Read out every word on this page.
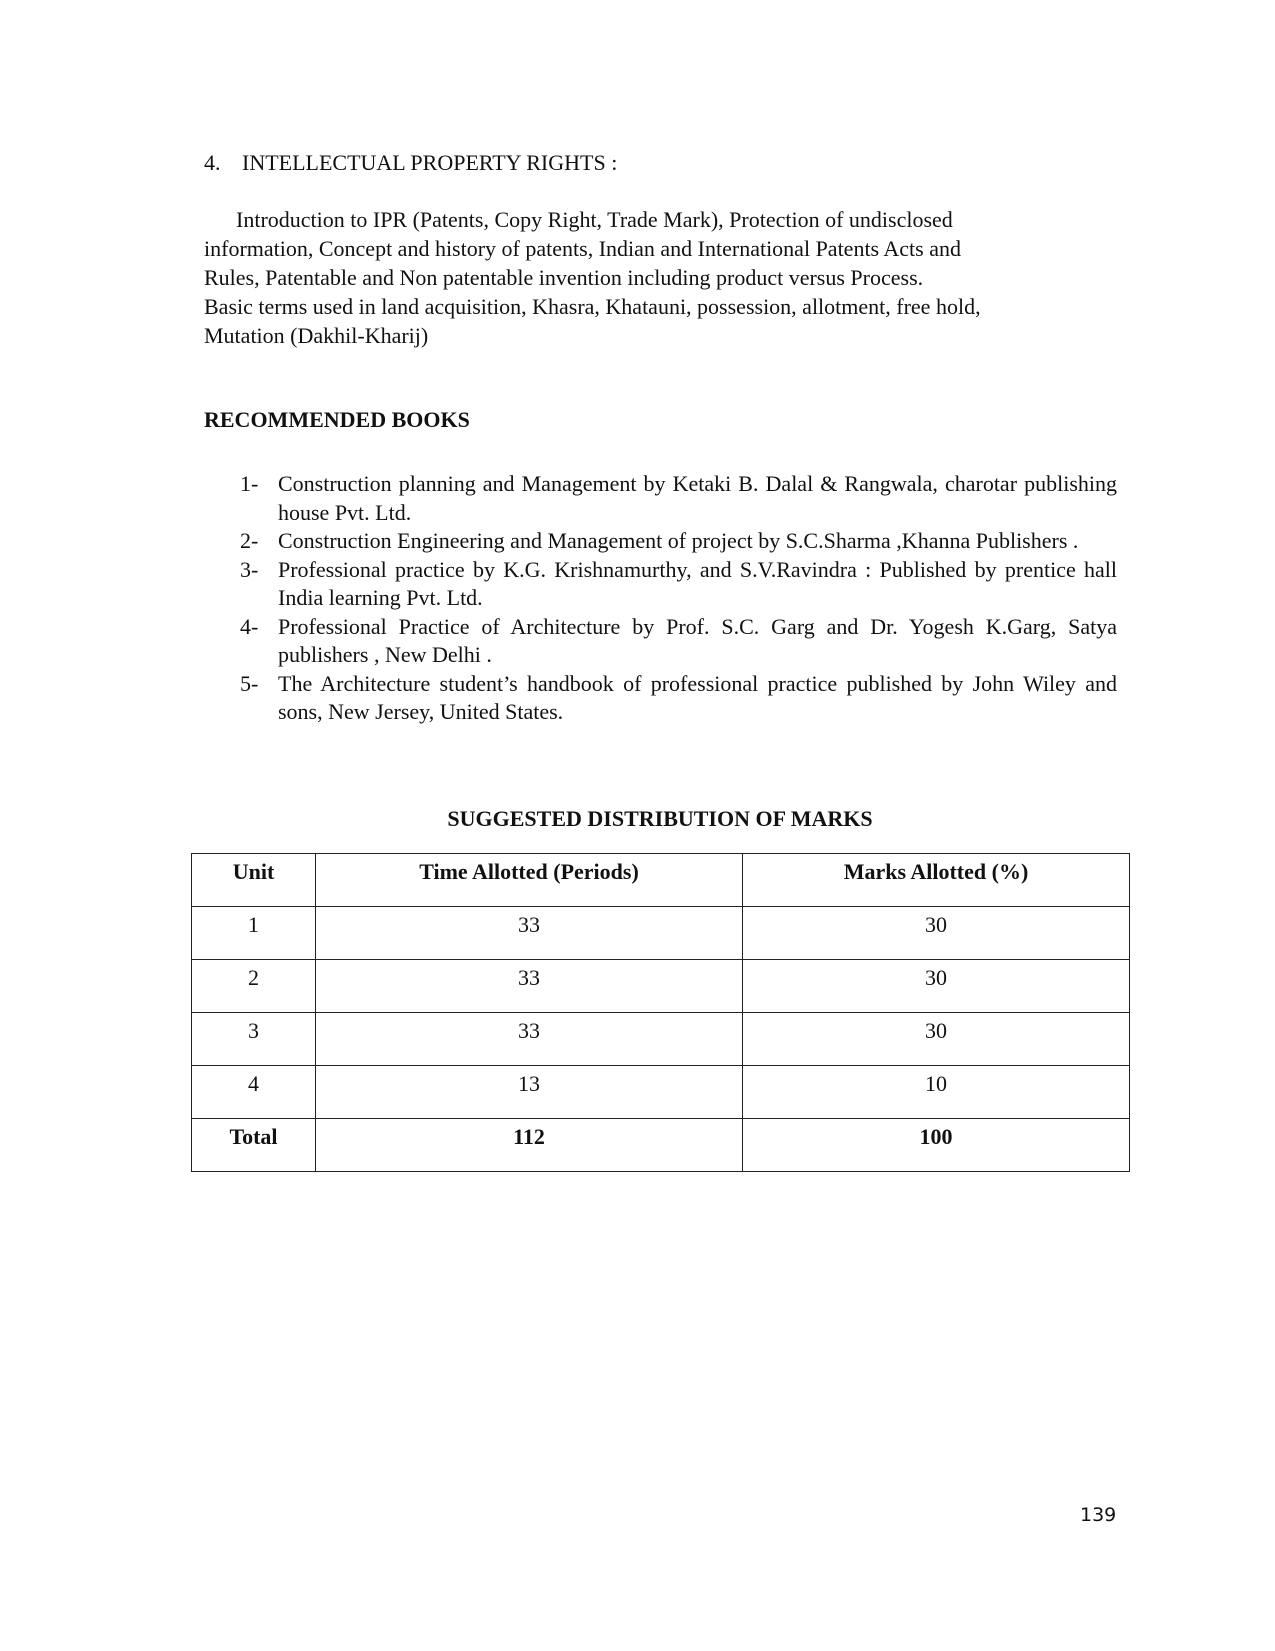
4. INTELLECTUAL PROPERTY RIGHTS :
Introduction to IPR (Patents, Copy Right, Trade Mark), Protection of undisclosed
information, Concept and history of patents, Indian and International Patents Acts and
Rules, Patentable and Non patentable invention including product versus Process.
Basic terms used in land acquisition, Khasra, Khatauni, possession, allotment, free hold,
Mutation (Dakhil-Kharij)
RECOMMENDED BOOKS
1- Construction planning and Management by Ketaki B. Dalal & Rangwala, charotar publishing house Pvt. Ltd.
2- Construction Engineering and Management of project by S.C.Sharma ,Khanna Publishers .
3- Professional practice by K.G. Krishnamurthy, and S.V.Ravindra : Published by prentice hall India learning Pvt. Ltd.
4- Professional Practice of Architecture by Prof. S.C. Garg and Dr. Yogesh K.Garg, Satya publishers , New Delhi .
5- The Architecture student’s handbook of professional practice published by John Wiley and sons, New Jersey, United States.
SUGGESTED DISTRIBUTION OF MARKS
Unit	Time Allotted (Periods)	Marks Allotted (%)
1	33	30
2	33	30
3	33	30
4	13	10
Total	112	100
139
